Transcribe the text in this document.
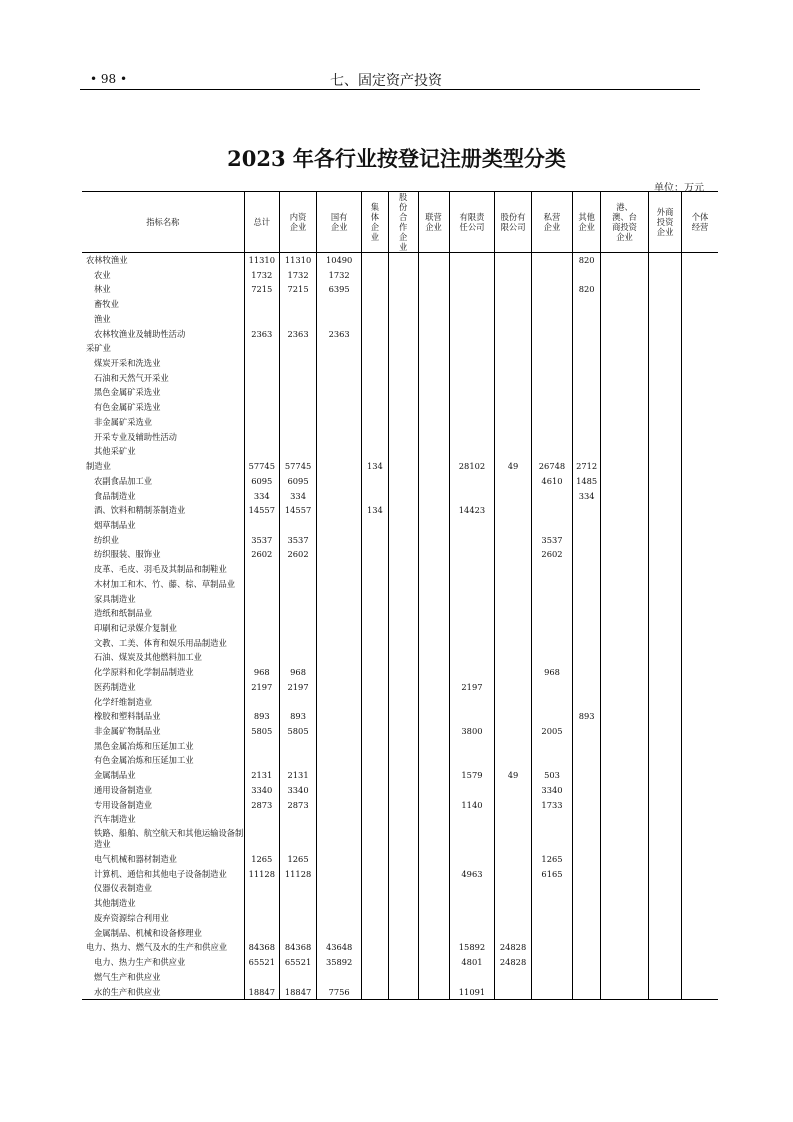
• 98 •	七、固定资产投资
2023 年各行业按登记注册类型分类
单位：万元
指标名称	总计	内资企业	国有企业	集体企业	股份合作企业	联营企业	有限责任公司	股份有限公司	私营企业	其他企业	港、澳、台商投资企业	外商投资企业	个体经营

农林牧渔业	11310	11310	10490							820			
农业	1732	1732	1732										
林业	7215	7215	6395							820			
畜牧业													
渔业													
农林牧渔业及辅助性活动	2363	2363	2363										
采矿业													
煤炭开采和洗选业													
石油和天然气开采业													
黑色金属矿采选业													
有色金属矿采选业													
非金属矿采选业													
开采专业及辅助性活动													
其他采矿业													
制造业	57745	57745		134			28102	49	26748	2712			
农副食品加工业	6095	6095							4610	1485			
食品制造业	334	334								334			
酒、饮料和精制茶制造业	14557	14557		134			14423						
烟草制品业													
纺织业	3537	3537							3537				
纺织服装、服饰业	2602	2602							2602				
皮革、毛皮、羽毛及其制品和制鞋业													
木材加工和木、竹、藤、棕、草制品业													
家具制造业													
造纸和纸制品业													
印刷和记录媒介复制业													
文教、工美、体育和娱乐用品制造业													
石油、煤炭及其他燃料加工业													
化学原料和化学制品制造业	968	968							968				
医药制造业	2197	2197					2197						
化学纤维制造业													
橡胶和塑料制品业	893	893								893			
非金属矿物制品业	5805	5805					3800		2005				
黑色金属冶炼和压延加工业													
有色金属冶炼和压延加工业													
金属制品业	2131	2131					1579	49	503				
通用设备制造业	3340	3340							3340				
专用设备制造业	2873	2873					1140		1733				
汽车制造业													
铁路、船舶、航空航天和其他运输设备制造业													
电气机械和器材制造业	1265	1265							1265				
计算机、通信和其他电子设备制造业	11128	11128					4963		6165				
仪器仪表制造业													
其他制造业													
废弃资源综合利用业													
金属制品、机械和设备修理业													
电力、热力、燃气及水的生产和供应业	84368	84368	43648				15892	24828					
电力、热力生产和供应业	65521	65521	35892				4801	24828					
燃气生产和供应业													
水的生产和供应业	18847	18847	7756				11091						
